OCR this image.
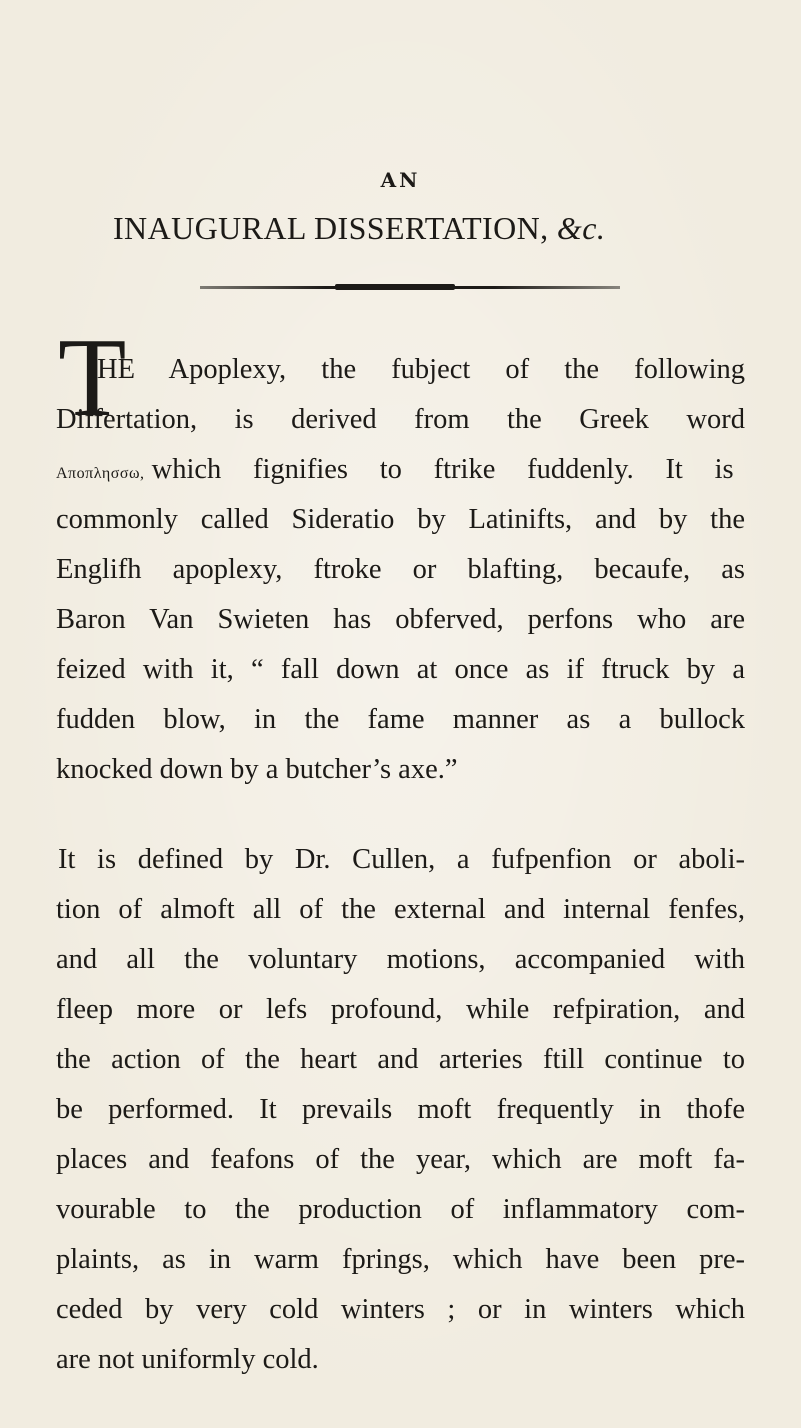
AN
INAUGURAL DISSERTATION, &c.
T
HE Apoplexy, the fubject of the following
Differtation, is derived from the Greek word
Αποπλησσω, which fignifies to ftrike fuddenly. It is
commonly called Sideratio by Latinifts, and by the
Englifh apoplexy, ftroke or blafting, becaufe, as
Baron Van Swieten has obferved, perfons who are
feized with it, “ fall down at once as if ftruck by a
fudden blow, in the fame manner as a bullock
knocked down by a butcher’s axe.”
It is defined by Dr. Cullen, a fufpenfion or aboli-
tion of almoft all of the external and internal fenfes,
and all the voluntary motions, accompanied with
fleep more or lefs profound, while refpiration, and
the action of the heart and arteries ftill continue to
be performed. It prevails moft frequently in thofe
places and feafons of the year, which are moft fa-
vourable to the production of inflammatory com-
plaints, as in warm fprings, which have been pre-
ceded by very cold winters ; or in winters which
are not uniformly cold.
